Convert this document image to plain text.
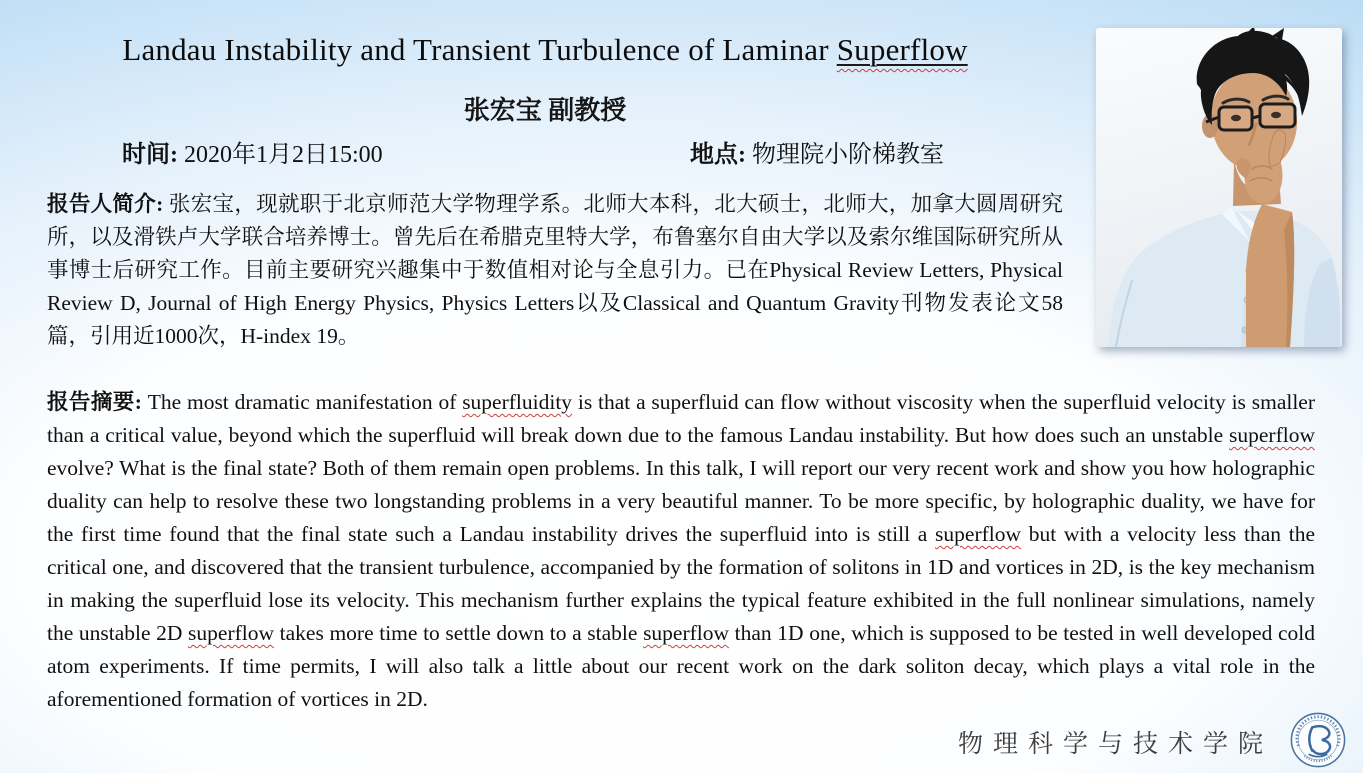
Landau Instability and Transient Turbulence of Laminar Superflow
张宏宝 副教授
时间: 2020年1月2日15:00	地点: 物理院小阶梯教室
报告人简介: 张宏宝，现就职于北京师范大学物理学系。北师大本科，北大硕士，北师大，加拿大圆周研究所，以及滑铁卢大学联合培养博士。曾先后在希腊克里特大学，布鲁塞尔自由大学以及索尔维国际研究所从事博士后研究工作。目前主要研究兴趣集中于数值相对论与全息引力。已在Physical Review Letters, Physical Review D, Journal of High Energy Physics, Physics Letters以及Classical and Quantum Gravity刊物发表论文58篇，引用近1000次，H-index 19。
报告摘要: The most dramatic manifestation of superfluidity is that a superfluid can flow without viscosity when the superfluid velocity is smaller than a critical value, beyond which the superfluid will break down due to the famous Landau instability. But how does such an unstable superflow evolve? What is the final state? Both of them remain open problems. In this talk, I will report our very recent work and show you how holographic duality can help to resolve these two longstanding problems in a very beautiful manner. To be more specific, by holographic duality, we have for the first time found that the final state such a Landau instability drives the superfluid into is still a superflow but with a velocity less than the critical one, and discovered that the transient turbulence, accompanied by the formation of solitons in 1D and vortices in 2D, is the key mechanism in making the superfluid lose its velocity. This mechanism further explains the typical feature exhibited in the full nonlinear simulations, namely the unstable 2D superflow takes more time to settle down to a stable superflow than 1D one, which is supposed to be tested in well developed cold atom experiments. If time permits, I will also talk a little about our recent work on the dark soliton decay, which plays a vital role in the aforementioned formation of vortices in 2D.
物理科学与技术学院
